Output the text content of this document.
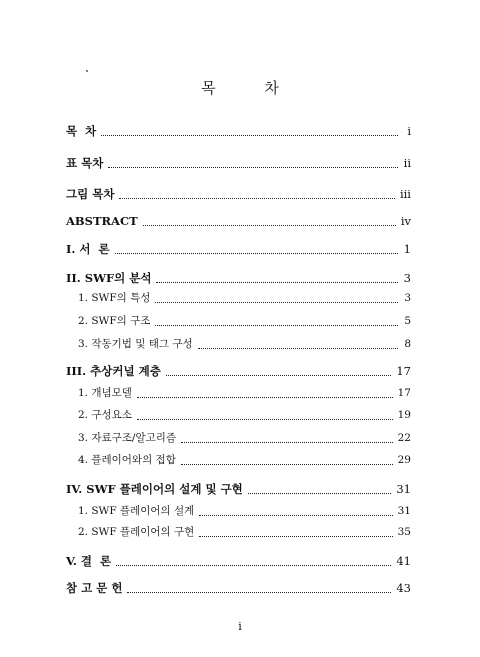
목 차
목  차	i
표 목차	ii
그림 목차	iii
ABSTRACT	iv
I. 서  론	1
II. SWF의 분석	3
1. SWF의 특성	3
2. SWF의 구조	5
3. 작동기법 및 태그 구성	8
III. 추상커널 계층	17
1. 개념모델	17
2. 구성요소	19
3. 자료구조/알고리즘	22
4. 플레이어와의 접합	29
IV. SWF 플레이어의 설계 및 구현	31
1. SWF 플레이어의 설계	31
2. SWF 플레이어의 구현	35
V. 결  론	41
참 고 문 헌	43
i
